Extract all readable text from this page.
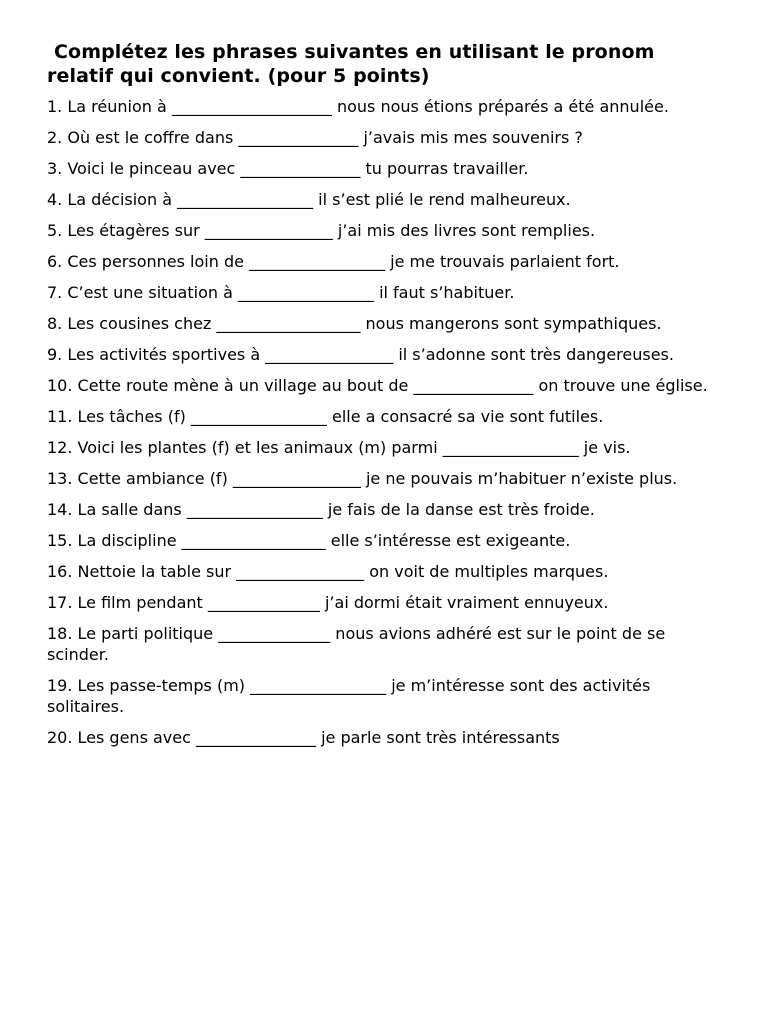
Complétez les phrases suivantes en utilisant le pronom
relatif qui convient. (pour 5 points)
1. La réunion à ____________________ nous nous étions préparés a été annulée.
2. Où est le coffre dans _______________ j’avais mis mes souvenirs ?
3. Voici le pinceau avec _______________ tu pourras travailler.
4. La décision à _________________ il s’est plié le rend malheureux.
5. Les étagères sur ________________ j’ai mis des livres sont remplies.
6. Ces personnes loin de _________________ je me trouvais parlaient fort.
7. C’est une situation à _________________ il faut s’habituer.
8. Les cousines chez __________________ nous mangerons sont sympathiques.
9. Les activités sportives à ________________ il s’adonne sont très dangereuses.
10. Cette route mène à un village au bout de _______________ on trouve une église.
11. Les tâches (f) _________________ elle a consacré sa vie sont futiles.
12. Voici les plantes (f) et les animaux (m) parmi _________________ je vis.
13. Cette ambiance (f) ________________ je ne pouvais m’habituer n’existe plus.
14. La salle dans _________________ je fais de la danse est très froide.
15. La discipline __________________ elle s’intéresse est exigeante.
16. Nettoie la table sur ________________ on voit de multiples marques.
17. Le film pendant ______________ j’ai dormi était vraiment ennuyeux.
18. Le parti politique ______________ nous avions adhéré est sur le point de se scinder.
19. Les passe-temps (m) _________________ je m’intéresse sont des activités solitaires.
20. Les gens avec _______________ je parle sont très intéressants
